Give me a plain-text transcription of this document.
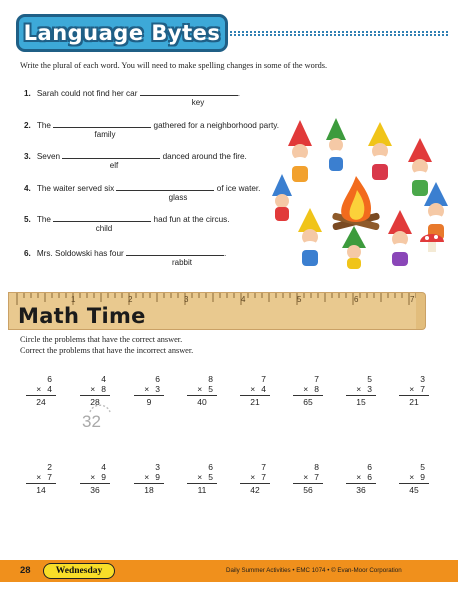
Language Bytes
Write the plural of each word. You will need to make spelling changes in some of the words.
1. Sarah could not find her car	.
key
2. The	gathered for a neighborhood party.
family
3. Seven	danced around the fire.
elf
4. The waiter served six	of ice water.
glass
5. The	had fun at the circus.
child
6. Mrs. Soldowski has four	.
rabbit
1	2	3	4	5	6	7
Math Time
Circle the problems that have the correct answer.
Correct the problems that have the incorrect answer.
6
× 4
24
4
× 8
28
6
× 3
9
8
× 5
40
7
× 4
21
7
× 8
65
5
× 3
15
3
× 7
21
2
× 7
14
4
× 9
36
3
× 9
18
6
× 5
11
7
× 7
42
8
× 7
56
6
× 6
36
5
× 9
45
32
28	Wednesday	Daily Summer Activities • EMC 1074 • © Evan-Moor Corporation
